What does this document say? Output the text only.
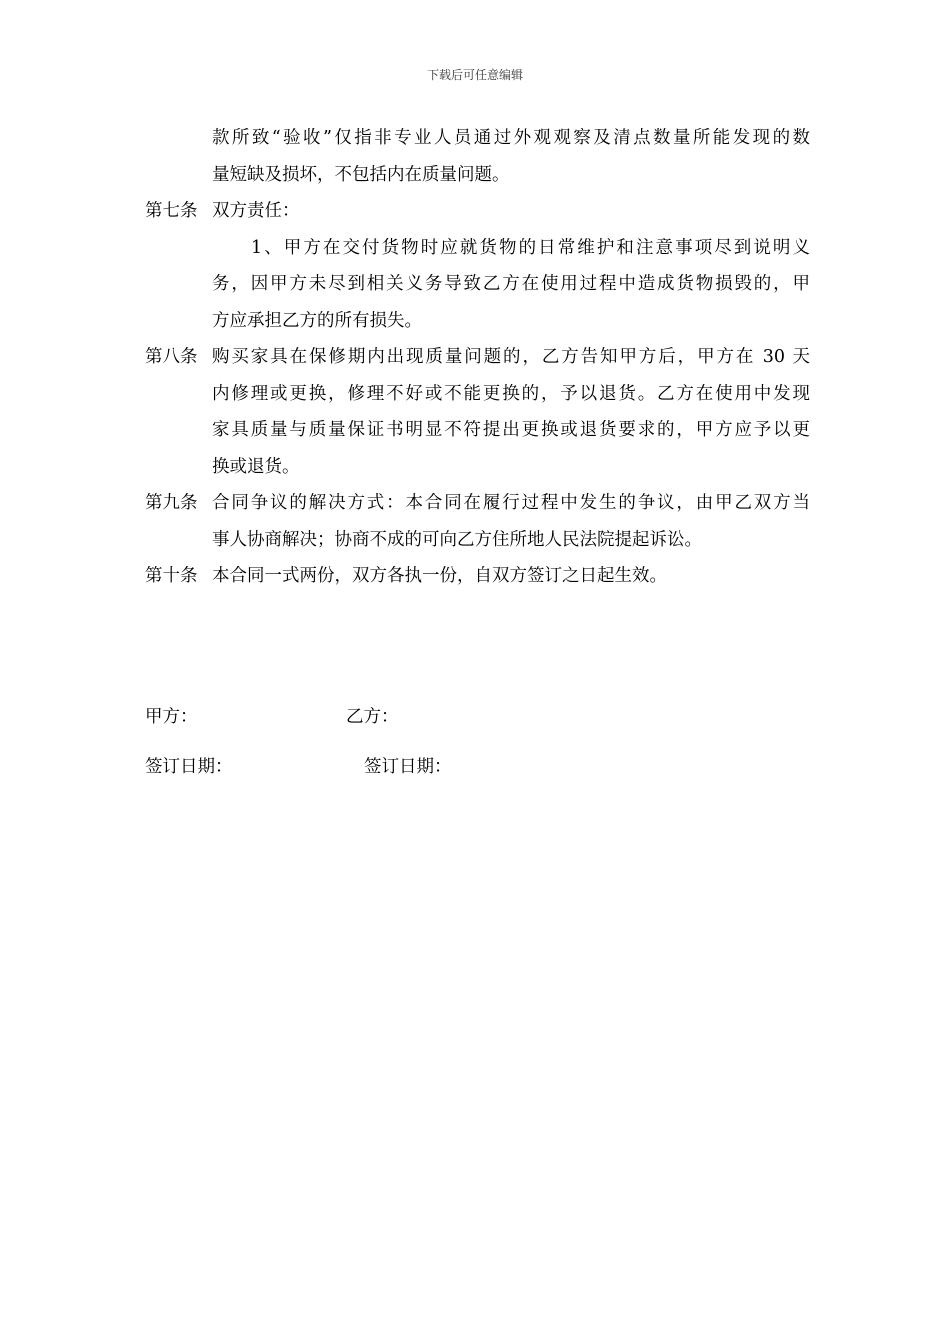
下载后可任意编辑
款所致“验收”仅指非专业人员通过外观观察及清点数量所能发现的数
量短缺及损坏，不包括内在质量问题。
第七条 双方责任：
1、甲方在交付货物时应就货物的日常维护和注意事项尽到说明义
务，因甲方未尽到相关义务导致乙方在使用过程中造成货物损毁的，甲
方应承担乙方的所有损失。
第八条 购买家具在保修期内出现质量问题的，乙方告知甲方后，甲方在 30 天
内修理或更换，修理不好或不能更换的，予以退货。乙方在使用中发现
家具质量与质量保证书明显不符提出更换或退货要求的，甲方应予以更
换或退货。
第九条 合同争议的解决方式：本合同在履行过程中发生的争议，由甲乙双方当
事人协商解决；协商不成的可向乙方住所地人民法院提起诉讼。
第十条 本合同一式两份，双方各执一份，自双方签订之日起生效。
甲方：	乙方：
签订日期：	签订日期：
